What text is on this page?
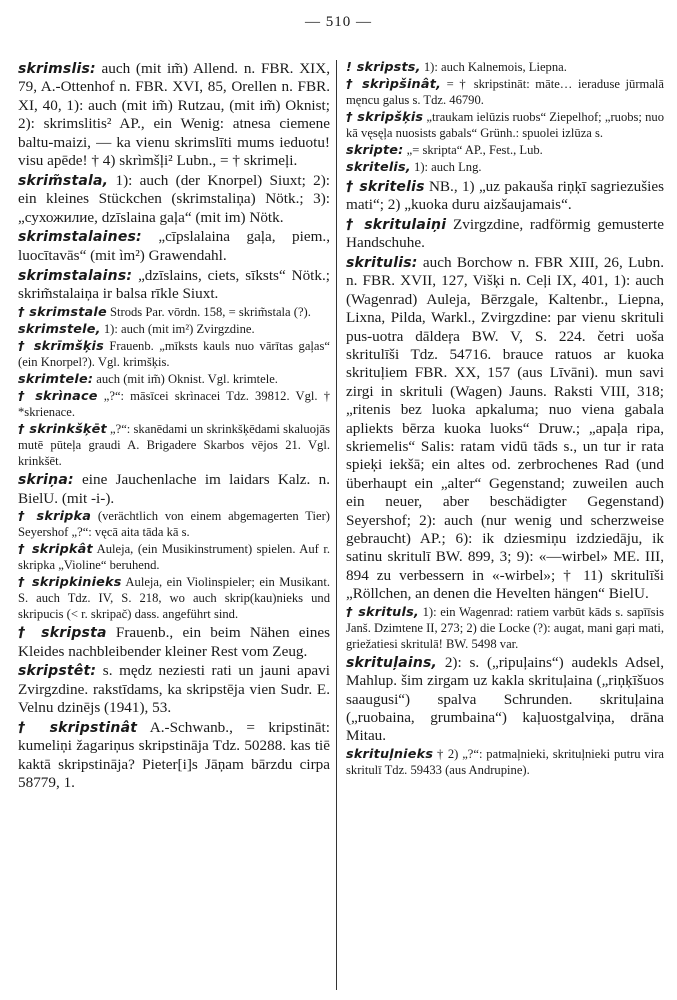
— 510 —

skrimslis: auch (mit im̃) Allend. n. FBR. XIX, 79, A.-Ottenhof n. FBR. XVI, 85, Orellen n. FBR. XI, 40, 1): auch (mit im̃) Rutzau, (mit im̃) Oknist; 2): skrimslitis² AP., ein Wenig: atnesa ciemene baltu-maizi, — ka vienu skrimslīti mums ieduotu! visu apēde! † 4) skrìmšļi² Lubn., = † skrimeļi.

skrim̃stala, 1): auch (der Knorpel) Siuxt; 2): ein kleines Stückchen (skrimstaliņa) Nötk.; 3): „сухожилие, dzīslaina gaļa“ (mit im) Nötk.

skrimstalaines: „cīpslalaina gaļa, piem., luocītavās“ (mit ìm²) Grawendahl.

skrimstalains: „dzīslains, ciets, sīksts“ Nötk.; skrim̃stalaiņa ir balsa rīkle Siuxt.

† skrimstale Strods Par. vōrdn. 158, = skrim̃stala (?).

skrimstele, 1): auch (mit im²) Zvirgzdine.

† skrīmšķis Frauenb. „mīksts kauls nuo vārītas gaļas“ (ein Knorpel?). Vgl. krimšķis.

skrimtele: auch (mit im̃) Oknist. Vgl. krimtele.

† skrìnace „?“: māsīcei skrìnacei Tdz. 39812. Vgl. † *skrienace.

† skrinkšķēt „?“: skanēdami un skrinkšķēdami skaluojās mutē pūteļa graudi A. Brigadere Skarbos vējos 21. Vgl. krinkšēt.

skriņa: eine Jauchenlache im laidars Kalz. n. BielU. (mit -i-).

† skripka (verächtlich von einem abgemagerten Tier) Seyershof „?“: vęcā aita tāda kā s.

† skripkât Auleja, (ein Musikinstrument) spielen. Auf r. skripka „Violine“ beruhend.

† skripkinieks Auleja, ein Violinspieler; ein Musikant. S. auch Tdz. IV, S. 218, wo auch skrip(kau)nieks und skripucis (< r. skripač) dass. angeführt sind.

† skripsta Frauenb., ein beim Nähen eines Kleides nachbleibender kleiner Rest vom Zeug.

skripstêt: s. mędz neziesti rati un jauni apavi Zvirgzdine. rakstīdams, ka skripstēja vien Sudr. E. Velnu dzinējs (1941), 53.

† skripstinât A.-Schwanb., = kripstināt: kumeliņi žagariņus skripstināja Tdz. 50288. kas tiē kaktā skripstināja? Pieter[i]s Jāņam bārzdu cirpa 58779, 1.

! skripsts, 1): auch Kalnemois, Liepna.

† skrìpšinât, = † skripstināt: māte… ieraduse jūrmalā męncu galus s. Tdz. 46790.

† skripšķis „traukam ielūzis ruobs“ Ziepelhof; „ruobs; nuo kā vęsęļa nuosists gabals“ Grünh.: spuolei izlūza s.

skripte: „= skripta“ AP., Fest., Lub.

skritelis, 1): auch Lng.

† skritelis NB., 1) „uz pakauša riņķī sagriezušies mati“; 2) „kuoka duru aizšaujamais“.

† skritulaiņi Zvirgzdine, radförmig gemusterte Handschuhe.

skritulis: auch Borchow n. FBR XIII, 26, Lubn. n. FBR. XVII, 127, Višķi n. Ceļi IX, 401, 1): auch (Wagenrad) Auleja, Bērzgale, Kaltenbr., Liepna, Lixna, Pilda, Warkl., Zvirgzdine: par vienu skrituli pus-uotra dāldeŗa BW. V, S. 224. četri uoša skritulīši Tdz. 54716. brauce ratuos ar kuoka skrituļiem FBR. XX, 157 (aus Līvāni). mun savi zirgi in skrituli (Wagen) Jauns. Raksti VIII, 318; „ritenis bez luoka apkaluma; nuo viena gabala apliekts bērza kuoka luoks“ Druw.; „apaļa ripa, skriemelis“ Salis: ratam vidū tāds s., un tur ir rata spieķi iekšā; ein altes od. zerbrochenes Rad (und überhaupt ein „alter“ Gegenstand; zuweilen auch ein neuer, aber beschädigter Gegenstand) Seyershof; 2): auch (nur wenig und scherzweise gebraucht) AP.; 6): ik dziesmiņu izdziedāju, ik satinu skritulī BW. 899, 3; 9): «—wirbel» ME. III, 894 zu verbessern in «-wirbel»; † 11) skritulīši „Röllchen, an denen die Hevelten hängen“ BielU.

† skrituls, 1): ein Wagenrad: ratiem varbūt kāds s. sapīīsis Janš. Dzimtene II, 273; 2) die Locke (?): augat, mani gaŗi mati, griežatiesi skritulā! BW. 5498 var.

skrituļains, 2): s. („ripuļains“) audekls Adsel, Mahlup. šim zirgam uz kakla skrituļaina („riņķīšuos saaugusi“) spalva Schrunden. skrituļaina („ruobaina, grumbaina“) kaļuostgalviņa, drāna Mitau.

skrituļnieks † 2) „?“: patmaļnieki, skrituļnieki putru vira skritulī Tdz. 59433 (aus Andrupine).
